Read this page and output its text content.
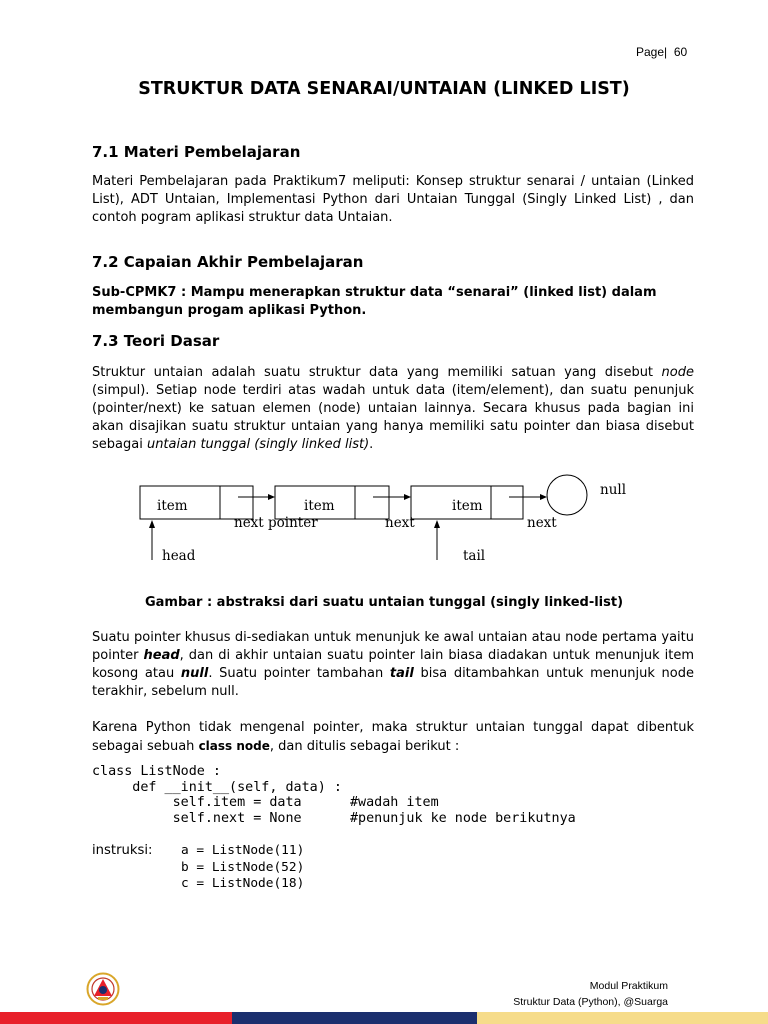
Page| 60
STRUKTUR DATA SENARAI/UNTAIAN (LINKED LIST)
7.1 Materi Pembelajaran

Materi Pembelajaran pada Praktikum7 meliputi: Konsep struktur senarai / untaian (Linked List), ADT Untaian, Implementasi Python dari Untaian Tunggal (Singly Linked List) , dan contoh pogram aplikasi struktur data Untaian.

7.2 Capaian Akhir Pembelajaran

Sub-CPMK7 : Mampu menerapkan struktur data “senarai” (linked list) dalam membangun progam aplikasi Python.

7.3 Teori Dasar

Struktur untaian adalah suatu struktur data yang memiliki satuan yang disebut node (simpul). Setiap node terdiri atas wadah untuk data (item/element), dan suatu penunjuk (pointer/next) ke satuan elemen (node) untaian lainnya. Secara khusus pada bagian ini akan disajikan suatu struktur untaian yang hanya memiliki satu pointer dan biasa disebut sebagai untaian tunggal (singly linked list).

item	item	item
next pointer	next	next
null
head	tail
Gambar : abstraksi dari suatu untaian tunggal (singly linked-list)

Suatu pointer khusus di-sediakan untuk menunjuk ke awal untaian atau node pertama yaitu pointer head, dan di akhir untaian suatu pointer lain biasa diadakan untuk menunjuk item kosong atau null. Suatu pointer tambahan tail bisa ditambahkan untuk menunjuk node terakhir, sebelum null.

Karena Python tidak mengenal pointer, maka struktur untaian tunggal dapat dibentuk sebagai sebuah class node, dan ditulis sebagai berikut :

class ListNode :
def __init__(self, data) :
self.item = data      #wadah item
self.next = None      #penunjuk ke node berikutnya
instruksi: a = ListNode(11)
b = ListNode(52)
c = ListNode(18)
Modul Praktikum
Struktur Data (Python), @Suarga
